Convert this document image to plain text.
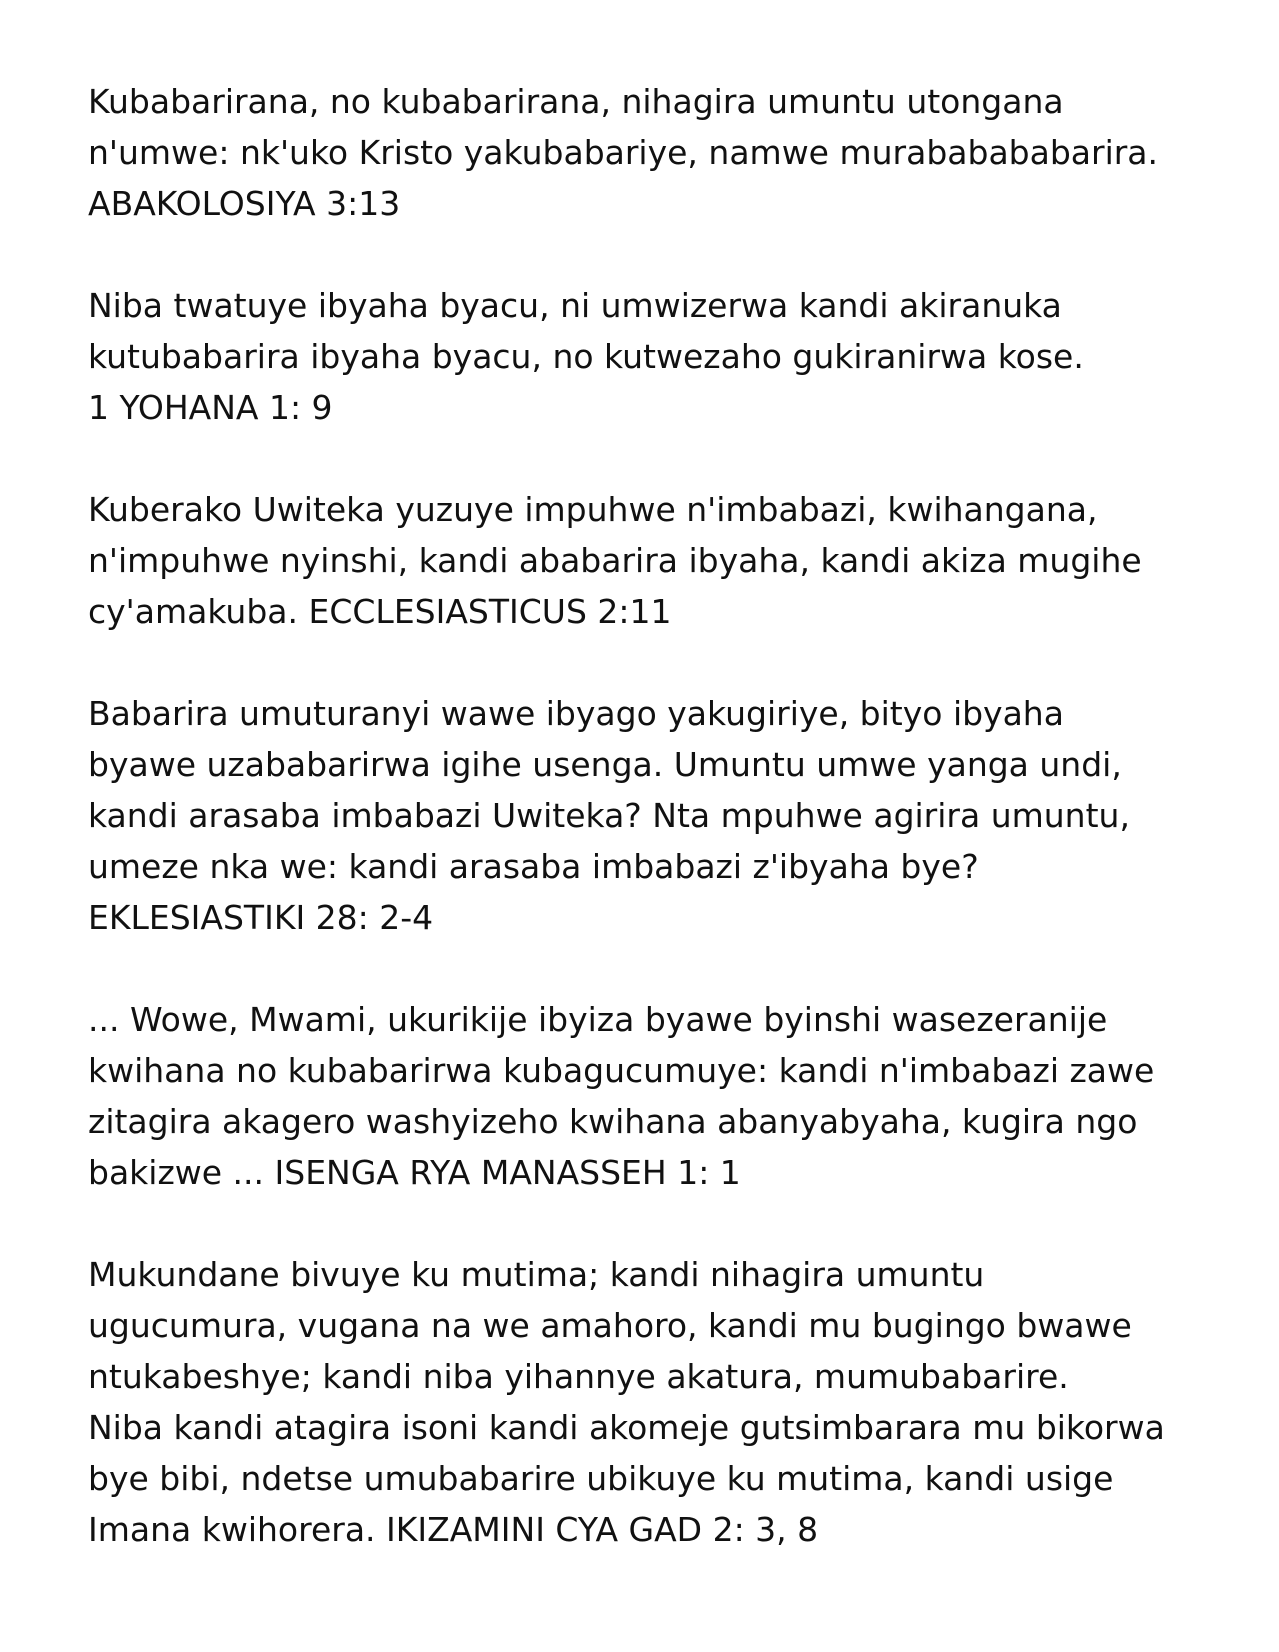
Kubabarirana, no kubabarirana, nihagira umuntu utongana
n'umwe: nk'uko Kristo yakubabariye, namwe murababababarira.
ABAKOLOSIYA 3:13
Niba twatuye ibyaha byacu, ni umwizerwa kandi akiranuka
kutubabarira ibyaha byacu, no kutwezaho gukiranirwa kose.
1 YOHANA 1: 9
Kuberako Uwiteka yuzuye impuhwe n'imbabazi, kwihangana,
n'impuhwe nyinshi, kandi ababarira ibyaha, kandi akiza mugihe
cy'amakuba. ECCLESIASTICUS 2:11
Babarira umuturanyi wawe ibyago yakugiriye, bityo ibyaha
byawe uzababarirwa igihe usenga. Umuntu umwe yanga undi,
kandi arasaba imbabazi Uwiteka? Nta mpuhwe agirira umuntu,
umeze nka we: kandi arasaba imbabazi z'ibyaha bye?
EKLESIASTIKI 28: 2-4
... Wowe, Mwami, ukurikije ibyiza byawe byinshi wasezeranije
kwihana no kubabarirwa kubagucumuye: kandi n'imbabazi zawe
zitagira akagero washyizeho kwihana abanyabyaha, kugira ngo
bakizwe ... ISENGA RYA MANASSEH 1: 1
Mukundane bivuye ku mutima; kandi nihagira umuntu
ugucumura, vugana na we amahoro, kandi mu bugingo bwawe
ntukabeshye; kandi niba yihannye akatura, mumubabarire.
Niba kandi atagira isoni kandi akomeje gutsimbarara mu bikorwa
bye bibi, ndetse umubabarire ubikuye ku mutima, kandi usige
Imana kwihorera. IKIZAMINI CYA GAD 2: 3, 8
